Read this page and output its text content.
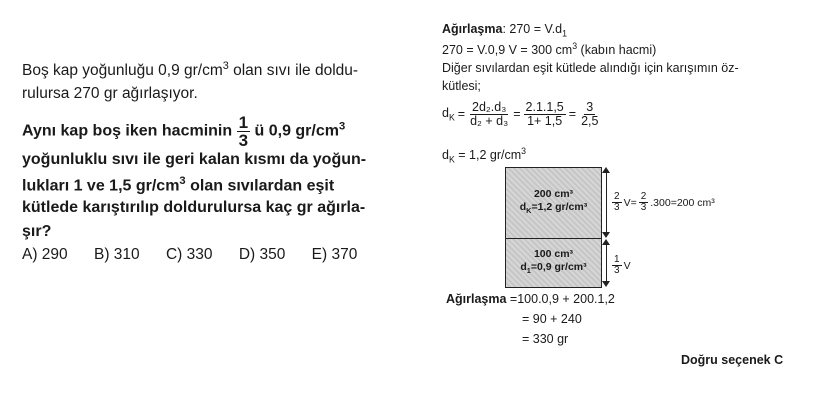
Boş kap yoğunluğu 0,9 $gr/cm^3$ olan sıvı ile doldu-
rulursa 270 gr ağırlaşıyor.
Aynı kap boş iken hacminin $\frac{1}{3}$ ü 0,9 $gr/cm^3$
yoğunluklu sıvı ile geri kalan kısmı da yoğun-
lukları 1 ve 1,5 $gr/cm^3$ olan sıvılardan eşit
kütlede karıştırılıp doldurulursa kaç gr ağırla-
şır?
A) 290 B) 310 C) 330 D) 350 E) 370
Ağırlaşma: $270 = V.d_1$
270 = V.0,9 V = 300 $cm^3$ (kabın hacmi)
Diğer sıvılardan eşit kütlede alındığı için karışımın öz-
kütlesi;
$d_K = \frac{\text{2d₂.d₃}}{\text{d₂ + d₃}} = \frac{2.1.1,5}{1+ 1,5} = \frac{3}{2,5}$
$d_K = 1,2$ $gr/cm^3$
200 cm³
$d_K=1,2$ gr/cm³
100 cm³
$d_1=0,9$ gr/cm³
$\frac{2}{3} V= \frac{2}{3} .300=200$ cm³
$\frac{1}{3}$ V
Ağırlaşma =100.0,9 + 200.1,2
= 90 + 240
= 330 gr
Doğru seçenek C
